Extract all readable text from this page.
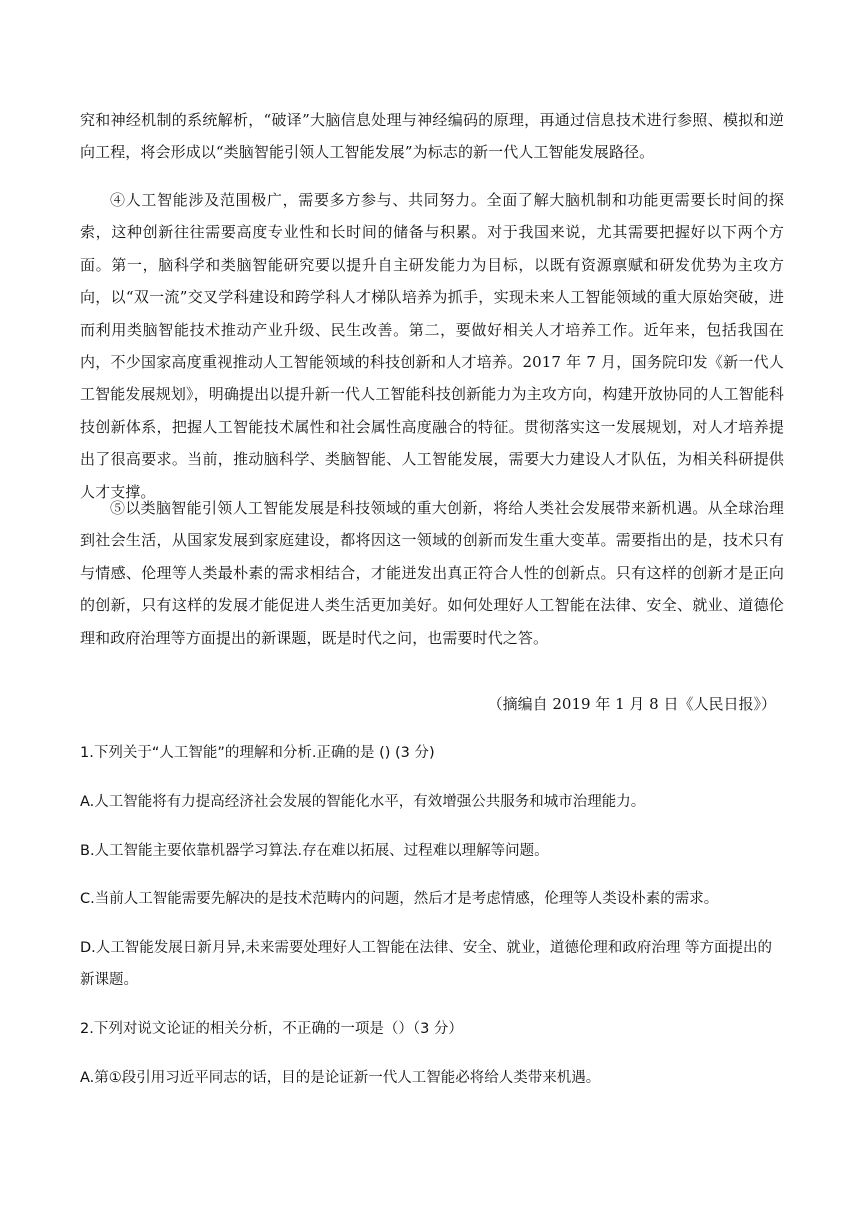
究和神经机制的系统解析，“破译”大脑信息处理与神经编码的原理，再通过信息技术进行参照、模拟和逆向工程，将会形成以“类脑智能引领人工智能发展”为标志的新一代人工智能发展路径。

④人工智能涉及范围极广，需要多方参与、共同努力。全面了解大脑机制和功能更需要长时间的探索，这种创新往往需要高度专业性和长时间的储备与积累。对于我国来说，尤其需要把握好以下两个方面。第一，脑科学和类脑智能研究要以提升自主研发能力为目标，以既有资源禀赋和研发优势为主攻方向，以“双一流”交叉学科建设和跨学科人才梯队培养为抓手，实现未来人工智能领域的重大原始突破，进而利用类脑智能技术推动产业升级、民生改善。第二，要做好相关人才培养工作。近年来，包括我国在内，不少国家高度重视推动人工智能领域的科技创新和人才培养。2017 年 7 月，国务院印发《新一代人工智能发展规划》，明确提出以提升新一代人工智能科技创新能力为主攻方向，构建开放协同的人工智能科技创新体系，把握人工智能技术属性和社会属性高度融合的特征。贯彻落实这一发展规划，对人才培养提出了很高要求。当前，推动脑科学、类脑智能、人工智能发展，需要大力建设人才队伍，为相关科研提供人才支撑。

⑤以类脑智能引领人工智能发展是科技领域的重大创新，将给人类社会发展带来新机遇。从全球治理到社会生活，从国家发展到家庭建设，都将因这一领域的创新而发生重大变革。需要指出的是，技术只有与情感、伦理等人类最朴素的需求相结合，才能迸发出真正符合人性的创新点。只有这样的创新才是正向的创新，只有这样的发展才能促进人类生活更加美好。如何处理好人工智能在法律、安全、就业、道德伦理和政府治理等方面提出的新课题，既是时代之问，也需要时代之答。

（摘编自 2019 年 1 月 8 日《人民日报》）

1.下列关于“人工智能”的理解和分析.正确的是 () (3 分)

A.人工智能将有力提高经济社会发展的智能化水平，有效增强公共服务和城市治理能力。

B.人工智能主要依靠机器学习算法.存在难以拓展、过程难以理解等问题。

C.当前人工智能需要先解决的是技术范畴内的问题，然后才是考虑情感，伦理等人类设朴素的需求。

D.人工智能发展日新月异,未来需要处理好人工智能在法律、安全、就业，道德伦理和政府治理 等方面提出的新课题。

2.下列对说文论证的相关分析，不正确的一项是（）（3 分）

A.第①段引用习近平同志的话，目的是论证新一代人工智能必将给人类带来机遇。
